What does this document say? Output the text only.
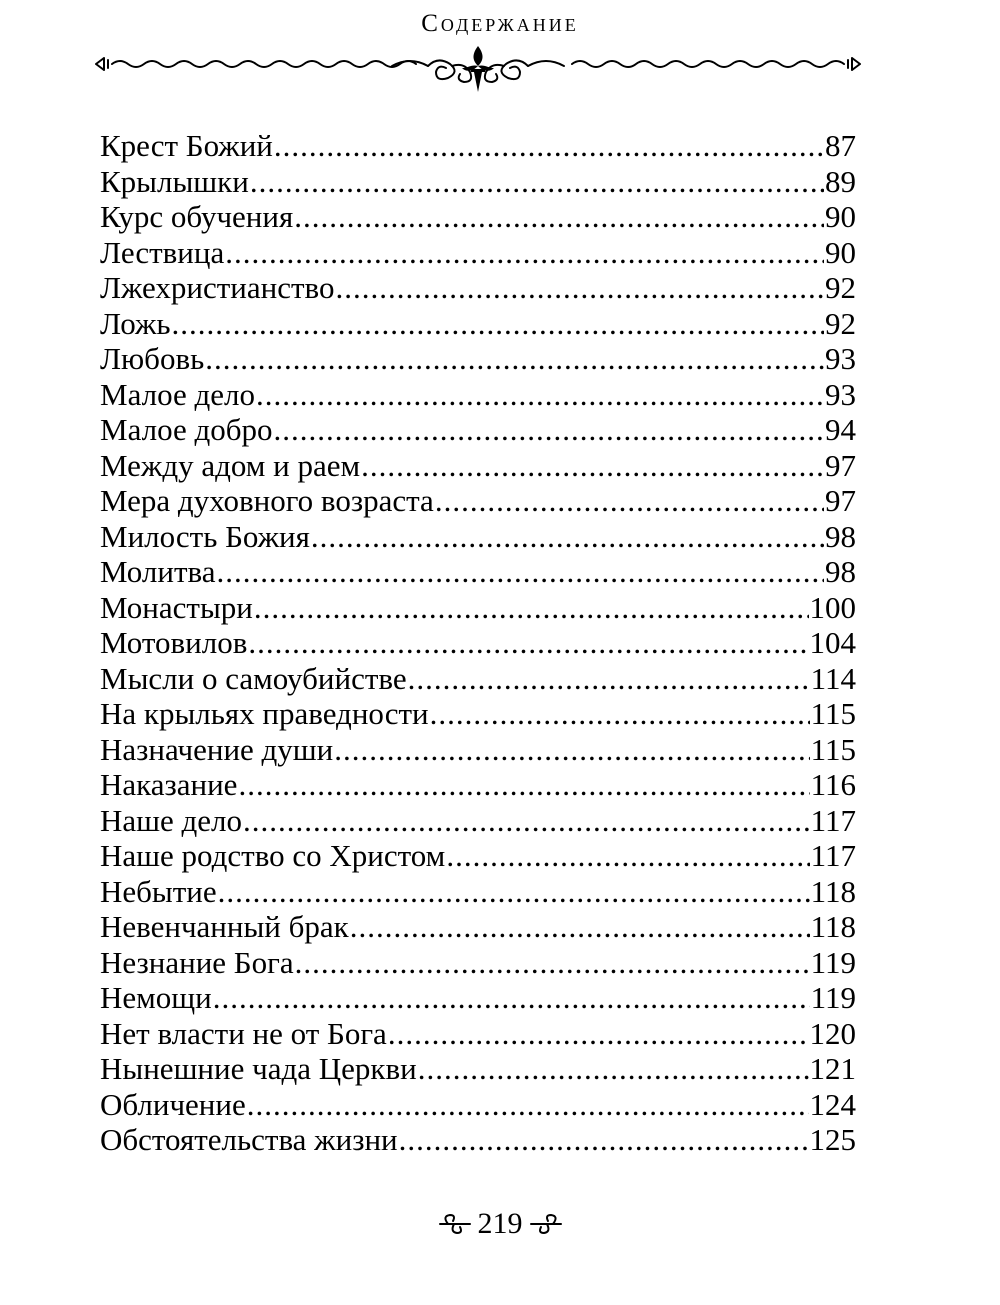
Содержание
Крест Божий .....	87
Крылышки .....	89
Курс обучения .....	90
Лествица .....	90
Лжехристианство .....	92
Ложь .....	92
Любовь .....	93
Малое дело .....	93
Малое добро .....	94
Между адом и раем .....	97
Мера духовного возраста .....	97
Милость Божия .....	98
Молитва .....	98
Монастыри .....	100
Мотовилов .....	104
Мысли о самоубийстве .....	114
На крыльях праведности .....	115
Назначение души .....	115
Наказание .....	116
Наше дело .....	117
Наше родство со Христом .....	117
Небытие .....	118
Невенчанный брак .....	118
Незнание Бога .....	119
Немощи .....	119
Нет власти не от Бога .....	120
Нынешние чада Церкви .....	121
Обличение .....	124
Обстоятельства жизни .....	125
219
